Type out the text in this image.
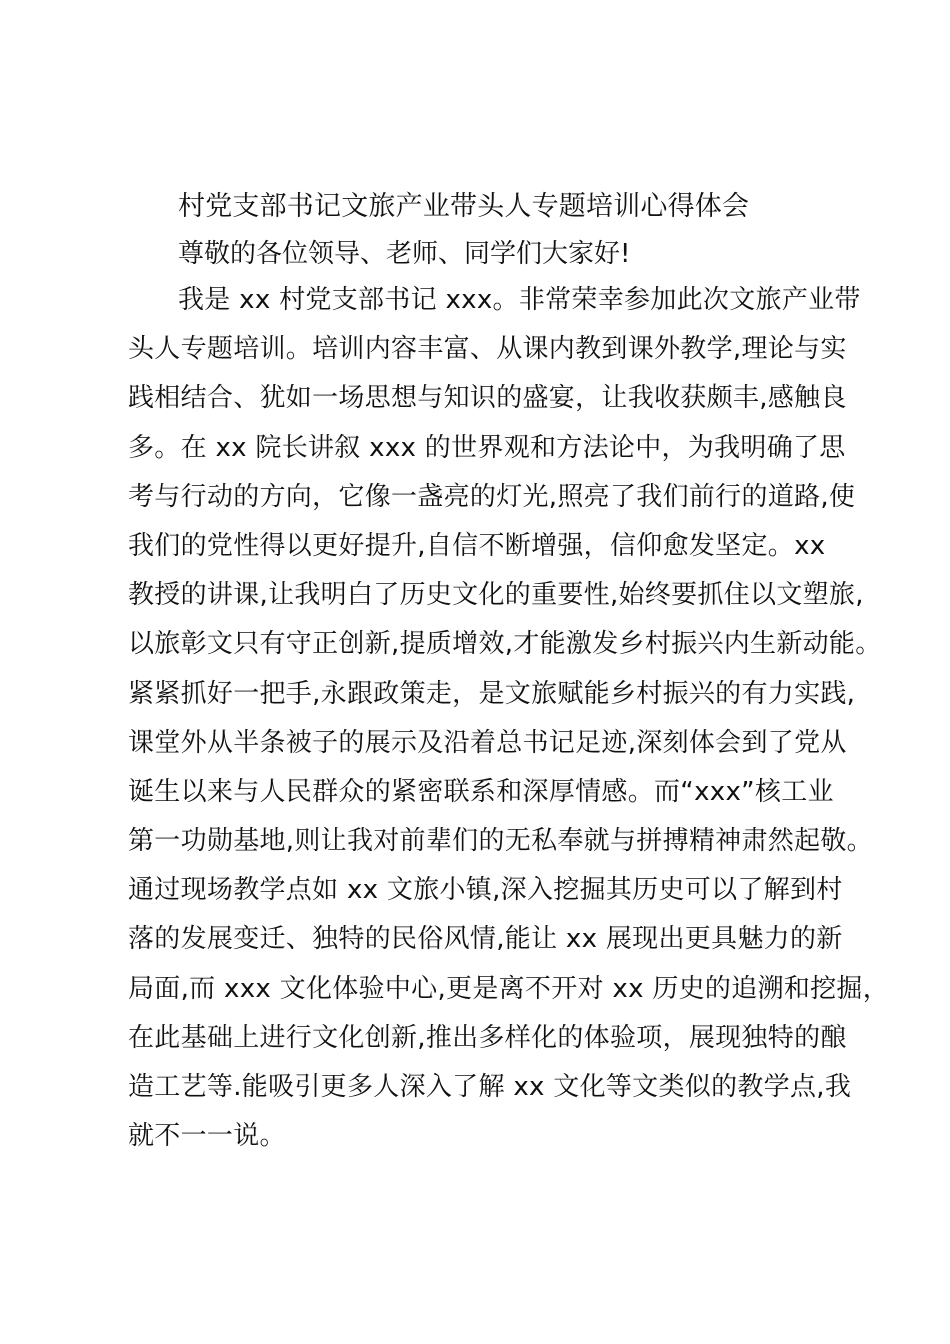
村党支部书记文旅产业带头人专题培训心得体会
尊敬的各位领导、老师、同学们大家好!
我是 xx 村党支部书记 xxx。非常荣幸参加此次文旅产业带
头人专题培训。培训内容丰富、从课内教到课外教学,理论与实
践相结合、犹如一场思想与知识的盛宴，让我收获颇丰,感触良
多。在 xx 院长讲叙 xxx 的世界观和方法论中，为我明确了思
考与行动的方向，它像一盏亮的灯光,照亮了我们前行的道路,使
我们的党性得以更好提升,自信不断增强，信仰愈发坚定。xx
教授的讲课,让我明白了历史文化的重要性,始终要抓住以文塑旅,
以旅彰文只有守正创新,提质增效,才能激发乡村振兴内生新动能。
紧紧抓好一把手,永跟政策走，是文旅赋能乡村振兴的有力实践,
课堂外从半条被子的展示及沿着总书记足迹,深刻体会到了党从
诞生以来与人民群众的紧密联系和深厚情感。而“xxx”核工业
第一功勋基地,则让我对前辈们的无私奉就与拼搏精神肃然起敬。
通过现场教学点如 xx 文旅小镇,深入挖掘其历史可以了解到村
落的发展变迁、独特的民俗风情,能让 xx 展现出更具魅力的新
局面,而 xxx 文化体验中心,更是离不开对 xx 历史的追溯和挖掘，
在此基础上进行文化创新,推出多样化的体验项，展现独特的酿
造工艺等.能吸引更多人深入了解 xx 文化等文类似的教学点,我
就不一一说。
